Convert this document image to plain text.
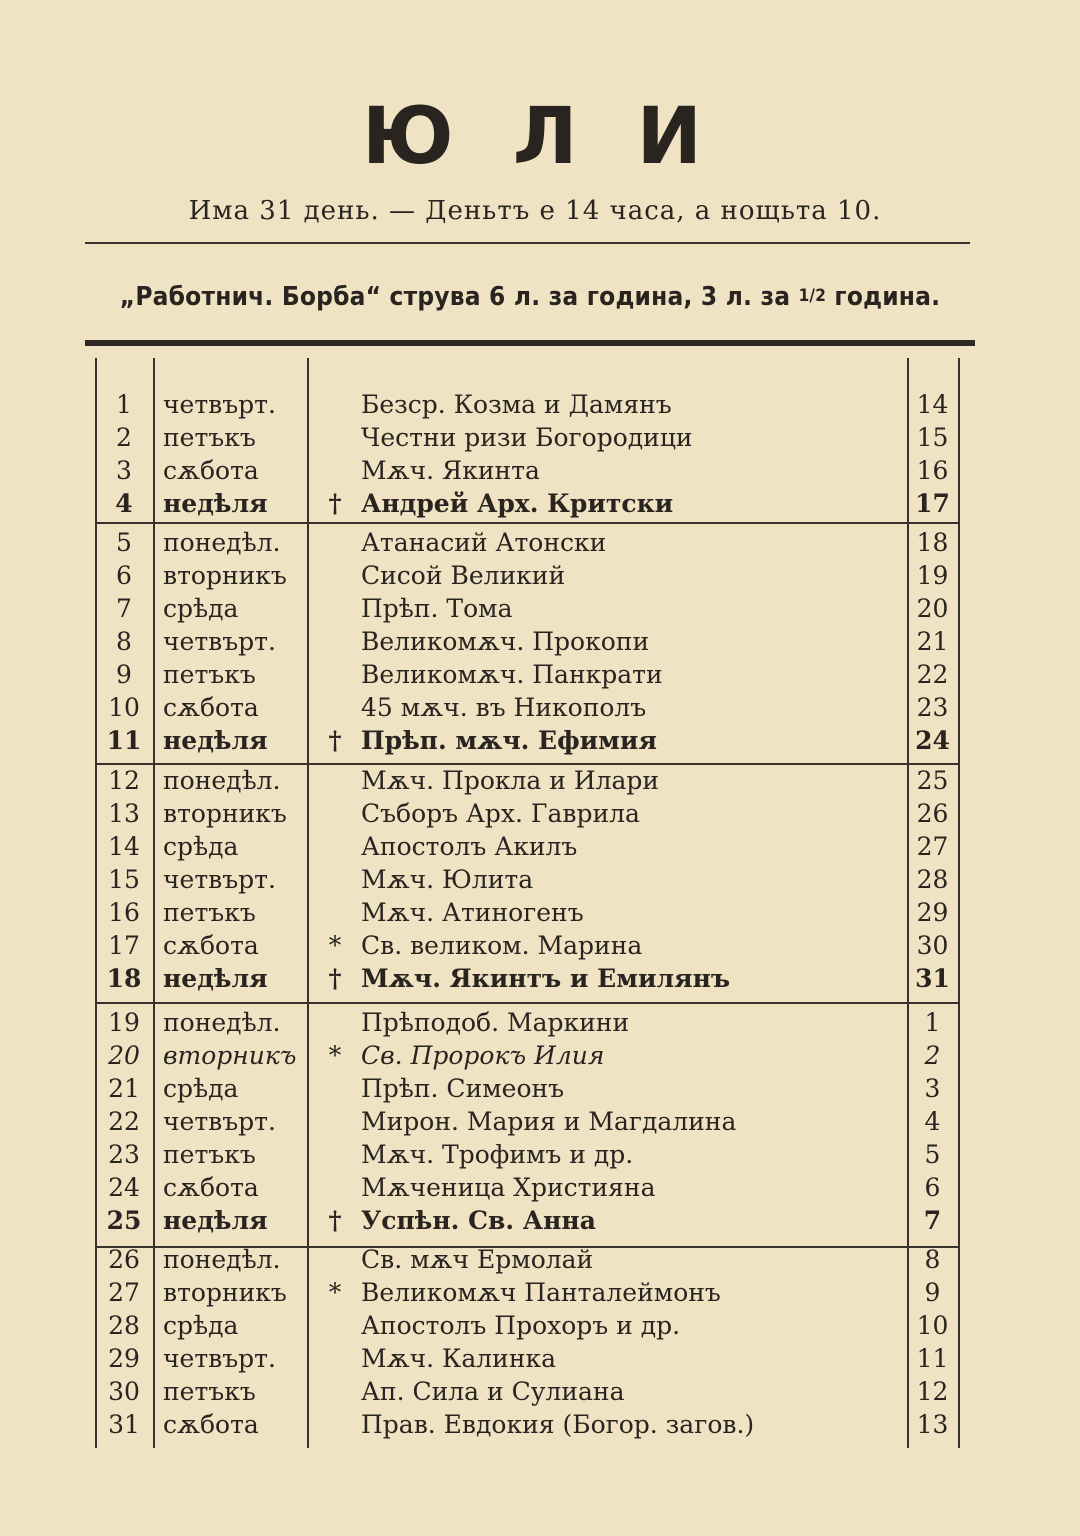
Ю Л И
Има 31 день. — Деньтъ е 14 часа, а нощьта 10.
„Работнич. Борба“ струва 6 л. за година, 3 л. за 1/2 година.
1	четвърт.	Безср. Козма и Дамянъ	14
2	петъкъ	Честни ризи Богородици	15
3	сѫбота	Мѫч. Якинта	16
4	недѣля † Андрей Арх. Критски	17
5	понедѣл.	Атанасий Атонски	18
6	вторникъ	Сисой Великий	19
7	срѣда	Прѣп. Тома	20
8	четвърт.	Великомѫч. Прокопи	21
9	петъкъ	Великомѫч. Панкрати	22
10 сѫбота	45 мѫч. въ Никополъ	23
11 недѣля † Прѣп. мѫч. Ефимия	24
12 понедѣл.	Мѫч. Прокла и Илари	25
13 вторникъ	Съборъ Арх. Гаврила	26
14 срѣда	Апостолъ Акилъ	27
15 четвърт.	Мѫч. Юлита	28
16 петъкъ	Мѫч. Атиногенъ	29
17 сѫбота	* Св. великом. Марина	30
18 недѣля † Мѫч. Якинтъ и Емилянъ	31
19 понедѣл.	Прѣподоб. Маркини	1
20 вторникъ * Св. Пророкъ Илия	2
21 срѣда	Прѣп. Симеонъ	3
22 четвърт.	Мирон. Мария и Магдалина	4
23 петъкъ	Мѫч. Трофимъ и др.	5
24 сѫбота	Мѫченица Християна	6
25 недѣля † Успѣн. Св. Анна	7
26 понедѣл.	Св. мѫч Ермолай	8
27 вторникъ * Великомѫч Панталеймонъ	9
28 срѣда	Апостолъ Прохоръ и др.	10
29 четвърт.	Мѫч. Калинка	11
30 петъкъ	Ап. Сила и Сулиана	12
31 сѫбота	Прав. Евдокия (Богор. загов.)	13
